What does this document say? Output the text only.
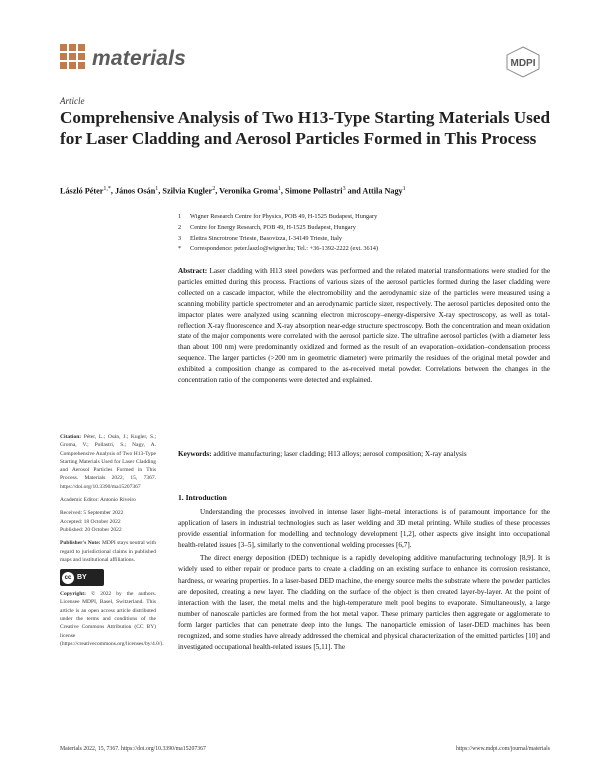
materials	MDPI
Article
Comprehensive Analysis of Two H13-Type Starting Materials Used for Laser Cladding and Aerosol Particles Formed in This Process
László Péter$^{1,*}$, János Osán$^1$, Szilvia Kugler$^2$, Veronika Groma$^1$, Simone Pollastri$^3$ and Attila Nagy$^1$
1	Wigner Research Centre for Physics, POB 49, H-1525 Budapest, Hungary
2	Centre for Energy Research, POB 49, H-1525 Budapest, Hungary
3	Elettra Sincrotrone Trieste, Basovizza, I-34149 Trieste, Italy
*	Correspondence: peter.laszlo@wigner.hu; Tel.: +36-1392-2222 (ext. 3614)
Abstract: Laser cladding with H13 steel powders was performed and the related material transformations were studied for the particles emitted during this process. Fractions of various sizes of the aerosol particles formed during the laser cladding were collected on a cascade impactor, while the electromobility and the aerodynamic size of the particles were measured using a scanning mobility particle spectrometer and an aerodynamic particle sizer, respectively. The aerosol particles deposited onto the impactor plates were analyzed using scanning electron microscopy–energy-dispersive X-ray spectroscopy, as well as total-reflection X-ray fluorescence and X-ray absorption near-edge structure spectroscopy. Both the concentration and mean oxidation state of the major components were correlated with the aerosol particle size. The ultrafine aerosol particles (with a diameter less than about 100 nm) were predominantly oxidized and formed as the result of an evaporation–oxidation–condensation process sequence. The larger particles (>200 nm in geometric diameter) were primarily the residues of the original metal powder and exhibited a composition change as compared to the as-received metal powder. Correlations between the changes in the concentration ratio of the components were detected and explained.
Keywords: additive manufacturing; laser cladding; H13 alloys; aerosol composition; X-ray analysis
Citation: Péter, L.; Osán, J.; Kugler, S.; Groma, V.; Pollastri, S.; Nagy, A. Comprehensive Analysis of Two H13-Type Starting Materials Used for Laser Cladding and Aerosol Particles Formed in This Process. Materials 2022, 15, 7367. https://doi.org/10.3390/ma15207367
Academic Editor: Antonio Riveiro
Received: 5 September 2022
Accepted: 18 October 2022
Published: 20 October 2022
Publisher's Note: MDPI stays neutral with regard to jurisdictional claims in published maps and institutional affiliations.
cc BY
Copyright: © 2022 by the authors. Licensee MDPI, Basel, Switzerland. This article is an open access article distributed under the terms and conditions of the Creative Commons Attribution (CC BY) license (https://creativecommons.org/licenses/by/4.0/).
1. Introduction

Understanding the processes involved in intense laser light–metal interactions is of paramount importance for the application of lasers in industrial technologies such as laser welding and 3D metal printing. While studies of these processes provide essential information for modelling and technology development [1,2], other aspects give insight into occupational health-related issues [3–5], similarly to the conventional welding processes [6,7].

The direct energy deposition (DED) technique is a rapidly developing additive manufacturing technology [8,9]. It is widely used to either repair or produce parts to create a cladding on an existing surface to enhance its corrosion resistance, hardness, or wearing properties. In a laser-based DED machine, the energy source melts the substrate where the powder particles are deposited, creating a new layer. The cladding on the surface of the object is then created layer-by-layer. At the point of interaction with the laser, the metal melts and the high-temperature melt pool begins to evaporate. Simultaneously, a large number of nanoscale particles are formed from the hot metal vapor. These primary particles then aggregate or agglomerate to form larger particles that can penetrate deep into the lungs. The nanoparticle emission of laser-DED machines has been recognized, and some studies have already addressed the chemical and physical characterization of the emitted particles [10] and investigated occupational health-related issues [5,11]. The

Materials 2022, 15, 7367. https://doi.org/10.3390/ma15207367	https://www.mdpi.com/journal/materials
